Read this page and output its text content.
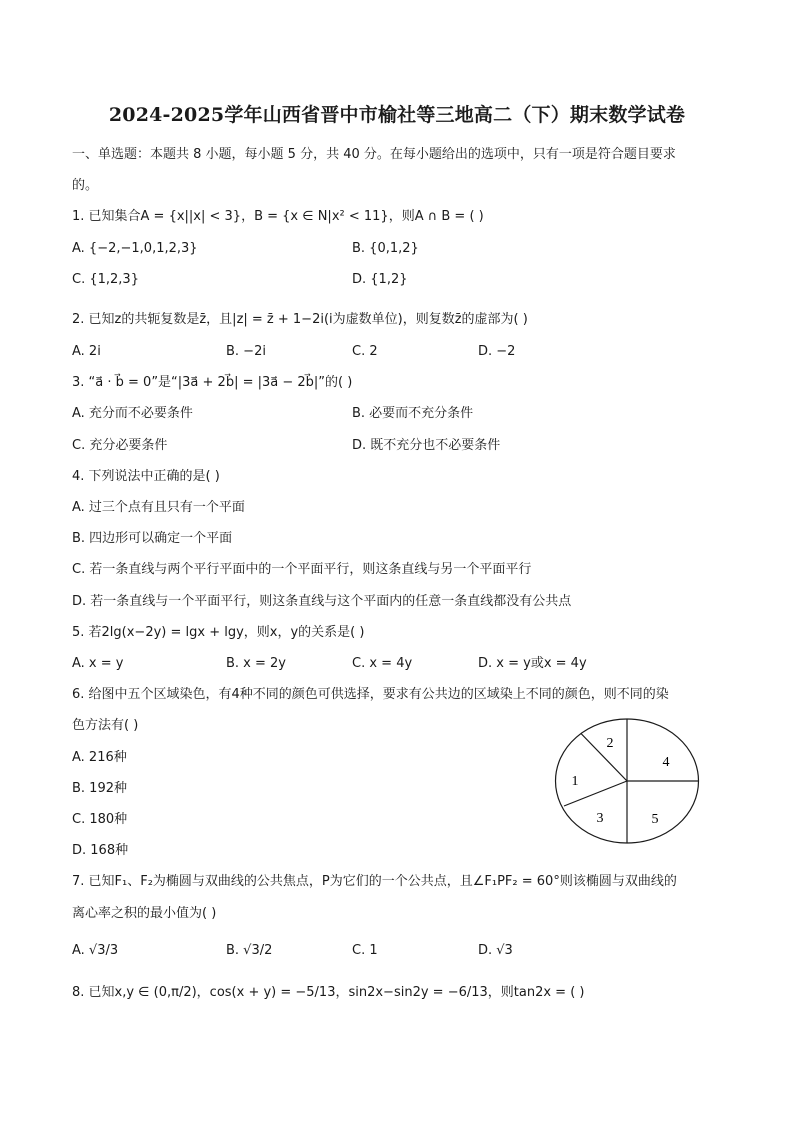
2024-2025学年山西省晋中市榆社等三地高二（下）期末数学试卷
一、单选题：本题共 8 小题，每小题 5 分，共 40 分。在每小题给出的选项中，只有一项是符合题目要求
的。
1. 已知集合A = {x||x| < 3}，B = {x ∈ N|x² < 11}，则A ∩ B = ( )
A. {−2,−1,0,1,2,3}	B. {0,1,2}
C. {1,2,3}	D. {1,2}
2. 已知z的共轭复数是z̄，且|z| = z̄ + 1−2i(i为虚数单位)，则复数z̄的虚部为( )
A. 2i	B. −2i	C. 2	D. −2
3. “a⃗ · b⃗ = 0”是“|3a⃗ + 2b⃗| = |3a⃗ − 2b⃗|”的( )
A. 充分而不必要条件	B. 必要而不充分条件
C. 充分必要条件	D. 既不充分也不必要条件
4. 下列说法中正确的是( )
A. 过三个点有且只有一个平面
B. 四边形可以确定一个平面
C. 若一条直线与两个平行平面中的一个平面平行，则这条直线与另一个平面平行
D. 若一条直线与一个平面平行，则这条直线与这个平面内的任意一条直线都没有公共点
5. 若2lg(x−2y) = lgx + lgy，则x，y的关系是( )
A. x = y	B. x = 2y	C. x = 4y	D. x = y或x = 4y
6. 给图中五个区域染色，有4种不同的颜色可供选择，要求有公共边的区域染上不同的颜色，则不同的染
色方法有( )
A. 216种
B. 192种
C. 180种
D. 168种
1
2
3
4
5
7. 已知F₁、F₂为椭圆与双曲线的公共焦点，P为它们的一个公共点，且∠F₁PF₂ = 60°则该椭圆与双曲线的
离心率之积的最小值为( )
A. √3/3	B. √3/2	C. 1	D. √3
8. 已知x,y ∈ (0,π/2)，cos(x + y) = −5/13，sin2x−sin2y = −6/13，则tan2x = ( )
